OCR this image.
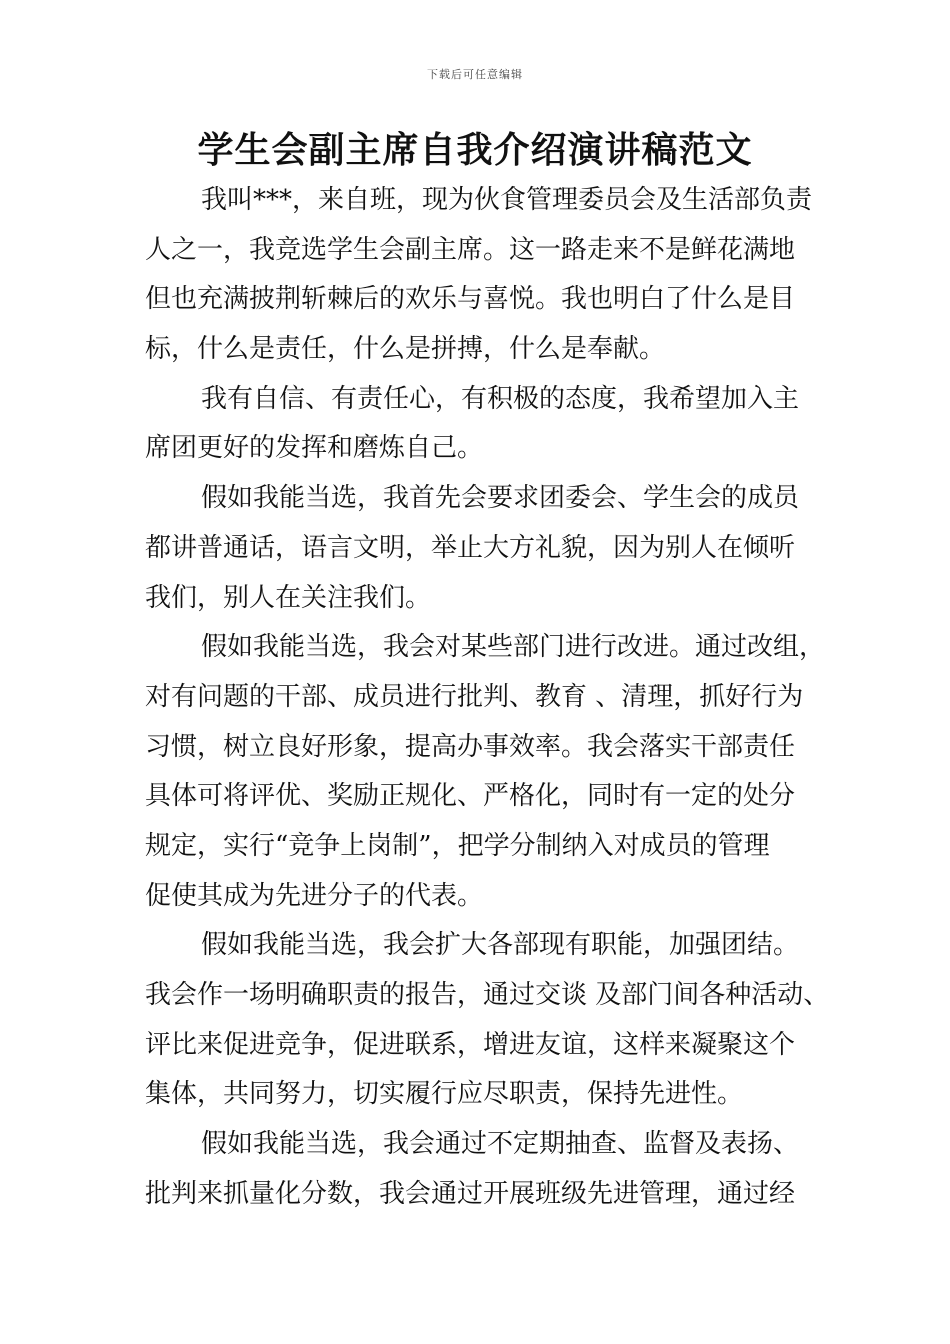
下载后可任意编辑
学生会副主席自我介绍演讲稿范文
我叫***，来自班，现为伙食管理委员会及生活部负责
人之一，我竞选学生会副主席。这一路走来不是鲜花满地
但也充满披荆斩棘后的欢乐与喜悦。我也明白了什么是目
标，什么是责任，什么是拼搏，什么是奉献。
我有自信、有责任心，有积极的态度，我希望加入主
席团更好的发挥和磨炼自己。
假如我能当选，我首先会要求团委会、学生会的成员
都讲普通话，语言文明，举止大方礼貌，因为别人在倾听
我们，别人在关注我们。
假如我能当选，我会对某些部门进行改进。通过改组，
对有问题的干部、成员进行批判、教育 、清理，抓好行为
习惯，树立良好形象，提高办事效率。我会落实干部责任
具体可将评优、奖励正规化、严格化，同时有一定的处分
规定，实行“竞争上岗制”，把学分制纳入对成员的管理
促使其成为先进分子的代表。
假如我能当选，我会扩大各部现有职能，加强团结。
我会作一场明确职责的报告，通过交谈 及部门间各种活动、
评比来促进竞争，促进联系，增进友谊，这样来凝聚这个
集体，共同努力，切实履行应尽职责，保持先进性。
假如我能当选，我会通过不定期抽查、监督及表扬、
批判来抓量化分数，我会通过开展班级先进管理，通过经
